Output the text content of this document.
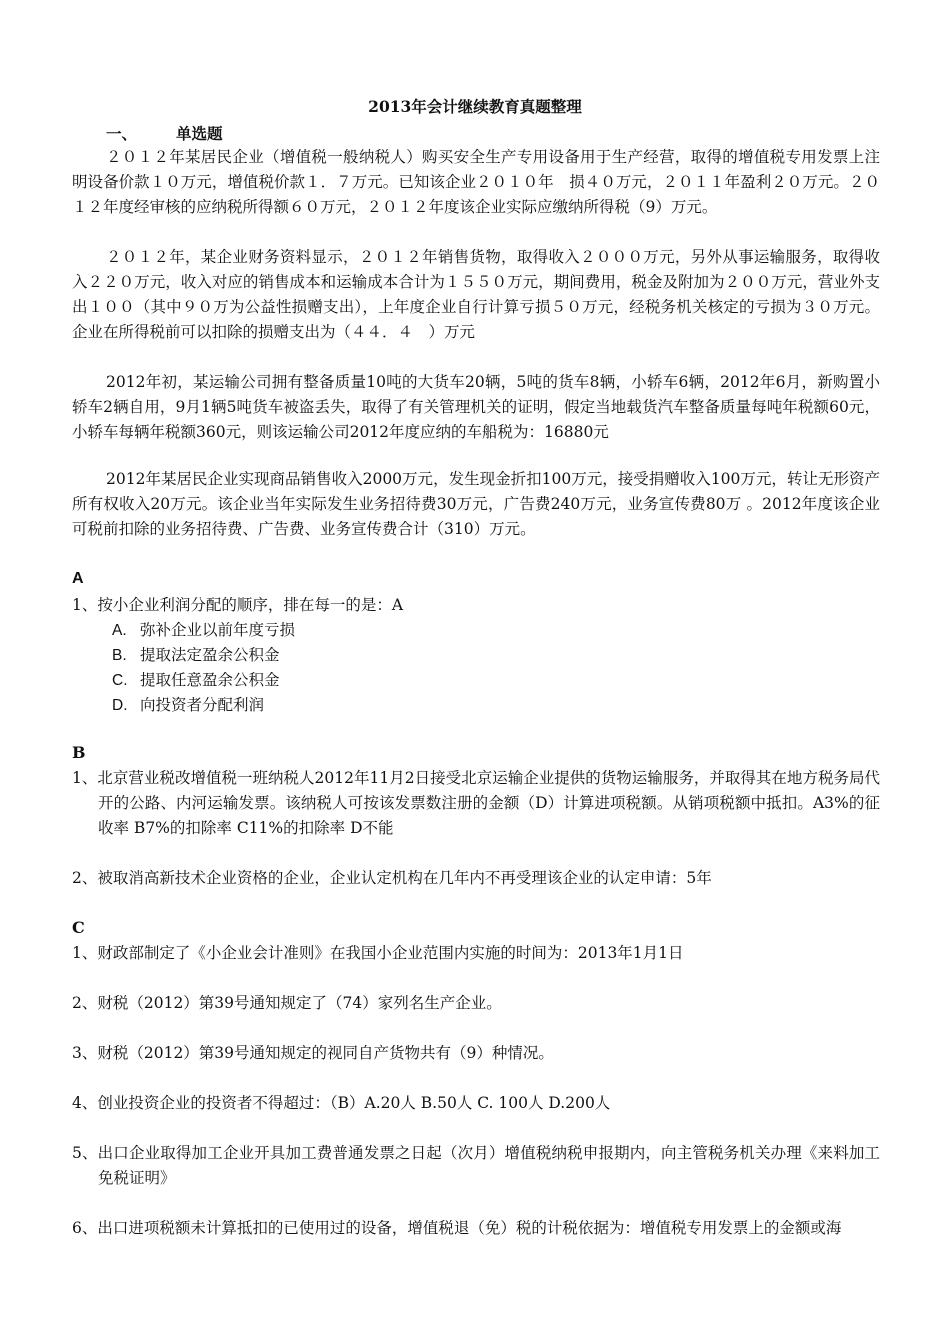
2013年会计继续教育真题整理
一、	单选题
２０１２年某居民企业（增值税一般纳税人）购买安全生产专用设备用于生产经营，取得的增值税专用发票上注明设备价款１０万元，增值税价款１．７万元。已知该企业２０１０年　损４０万元，２０１１年盈利２０万元。２０１２年度经审核的应纳税所得额６０万元，２０１２年度该企业实际应缴纳所得税（9）万元。
２０１２年，某企业财务资料显示，２０１２年销售货物，取得收入２０００万元，另外从事运输服务，取得收入２２０万元，收入对应的销售成本和运输成本合计为１５５０万元，期间费用，税金及附加为２００万元，营业外支出１００（其中９０万为公益性损赠支出），上年度企业自行计算亏损５０万元，经税务机关核定的亏损为３０万元。企业在所得税前可以扣除的损赠支出为（４４．４　）万元
2012年初，某运输公司拥有整备质量10吨的大货车20辆，5吨的货车8辆，小轿车6辆，2012年6月，新购置小轿车2辆自用，9月1辆5吨货车被盗丢失，取得了有关管理机关的证明，假定当地载货汽车整备质量每吨年税额60元，小轿车每辆年税额360元，则该运输公司2012年度应纳的车船税为：16880元
2012年某居民企业实现商品销售收入2000万元，发生现金折扣100万元，接受捐赠收入100万元，转让无形资产所有权收入20万元。该企业当年实际发生业务招待费30万元，广告费240万元，业务宣传费80万 。2012年度该企业可税前扣除的业务招待费、广告费、业务宣传费合计（310）万元。
A
1、按小企业利润分配的顺序，排在每一的是：A
A. 弥补企业以前年度亏损
B. 提取法定盈余公积金
C. 提取任意盈余公积金
D. 向投资者分配利润
B
1、北京营业税改增值税一班纳税人2012年11月2日接受北京运输企业提供的货物运输服务，并取得其在地方税务局代开的公路、内河运输发票。该纳税人可按该发票数注册的金额（D）计算进项税额。从销项税额中抵扣。A3%的征收率 B7%的扣除率 C11%的扣除率 D不能
2、被取消高新技术企业资格的企业，企业认定机构在几年内不再受理该企业的认定申请：5年
C
1、财政部制定了《小企业会计准则》在我国小企业范围内实施的时间为：2013年1月1日
2、财税（2012）第39号通知规定了（74）家列名生产企业。
3、财税（2012）第39号通知规定的视同自产货物共有（9）种情况。
4、创业投资企业的投资者不得超过：（B）A.20人 B.50人 C. 100人 D.200人
5、出口企业取得加工企业开具加工费普通发票之日起（次月）增值税纳税申报期内，向主管税务机关办理《来料加工免税证明》
6、出口进项税额未计算抵扣的已使用过的设备，增值税退（免）税的计税依据为：增值税专用发票上的金额或海
